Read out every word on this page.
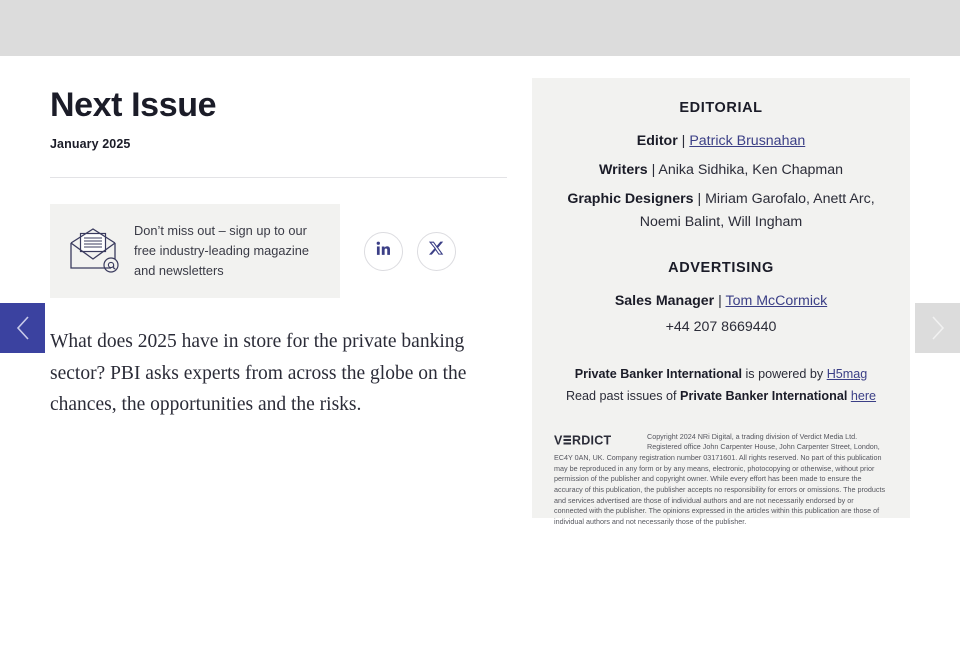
Next Issue
January 2025
Don’t miss out – sign up to our free industry-leading magazine and newsletters

What does 2025 have in store for the private banking sector? PBI asks experts from across the globe on the chances, the opportunities and the risks.

EDITORIAL
Editor | Patrick Brusnahan
Writers | Anika Sidhika, Ken Chapman
Graphic Designers | Miriam Garofalo, Anett Arc, Noemi Balint, Will Ingham
ADVERTISING
Sales Manager | Tom McCormick
+44 207 8669440
Private Banker International is powered by H5mag
Read past issues of Private Banker International here
V RDICT	Copyright 2024 NRi Digital, a trading division of Verdict Media Ltd. Registered office John Carpenter House, John Carpenter Street, London, EC4Y 0AN, UK. Company registration number 03171601. All rights reserved. No part of this publication may be reproduced in any form or by any means, electronic, photocopying or otherwise, without prior permission of the publisher and copyright owner. While every effort has been made to ensure the accuracy of this publication, the publisher accepts no responsibility for errors or omissions. The products and services advertised are those of individual authors and are not necessarily endorsed by or connected with the publisher. The opinions expressed in the articles within this publication are those of individual authors and not necessarily those of the publisher.
